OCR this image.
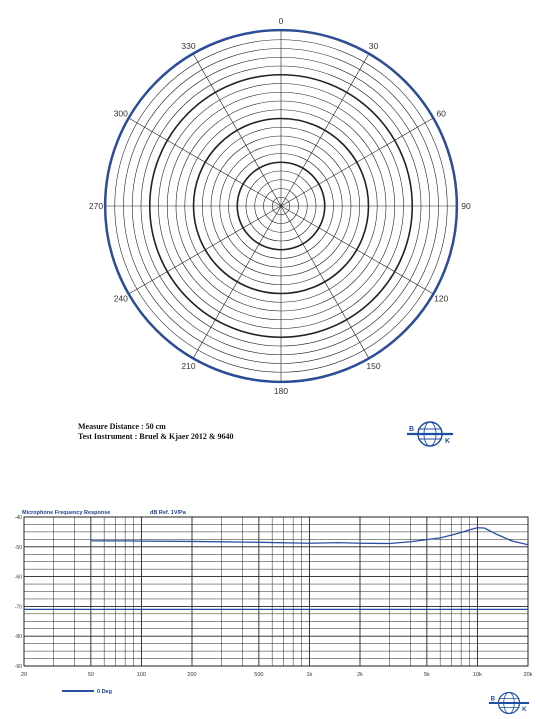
0
30
60
90
120
150
180
210
240
270
300
330
Measure Distance : 50 cm
Test Instrument : Bruel & Kjaer 2012 & 9640
Microphone Frequency Response	dB Ref. 1V/Pa
-40
-50
-60
-70
-80
-90
20	50	100	200	500	1k	2k	5k	10k	20k
0 Deg
B
K
B
K
